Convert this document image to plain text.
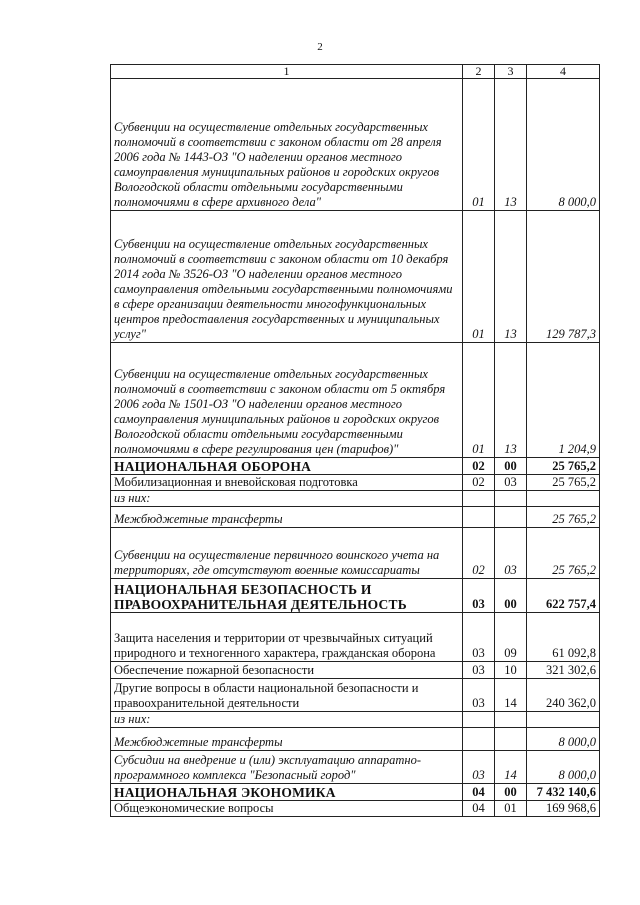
2
1	2	3	4
Субвенции на осуществление отдельных государственных полномочий в соответствии с законом области от 28 апреля 2006 года № 1443-ОЗ "О наделении органов местного самоуправления муниципальных районов и городских округов Вологодской области отдельными государственными полномочиями в сфере архивного дела"	01	13	8 000,0
Субвенции на осуществление отдельных государственных полномочий в соответствии с законом области от 10 декабря 2014 года № 3526-ОЗ "О наделении органов местного самоуправления отдельными государственными полномочиями в сфере организации деятельности многофункциональных центров предоставления государственных и муниципальных услуг"	01	13	129 787,3
Субвенции на осуществление отдельных государственных полномочий в соответствии с законом области от 5 октября 2006 года № 1501-ОЗ "О наделении органов местного самоуправления муниципальных районов и городских округов Вологодской области отдельными государственными полномочиями в сфере регулирования цен (тарифов)"	01	13	1 204,9
НАЦИОНАЛЬНАЯ ОБОРОНА	02	00	25 765,2
Мобилизационная и вневойсковая подготовка	02	03	25 765,2
из них:			
Межбюджетные трансферты			25 765,2
Субвенции на осуществление первичного воинского учета на территориях, где отсутствуют военные комиссариаты	02	03	25 765,2
НАЦИОНАЛЬНАЯ БЕЗОПАСНОСТЬ И ПРАВООХРАНИТЕЛЬНАЯ ДЕЯТЕЛЬНОСТЬ	03	00	622 757,4
Защита населения и территории от чрезвычайных ситуаций природного и техногенного характера, гражданская оборона	03	09	61 092,8
Обеспечение пожарной безопасности	03	10	321 302,6
Другие вопросы в области национальной безопасности и правоохранительной деятельности	03	14	240 362,0
из них:			
Межбюджетные трансферты			8 000,0
Субсидии на внедрение и (или) эксплуатацию аппаратно-программного комплекса "Безопасный город"	03	14	8 000,0
НАЦИОНАЛЬНАЯ ЭКОНОМИКА	04	00	7 432 140,6
Общеэкономические вопросы	04	01	169 968,6
